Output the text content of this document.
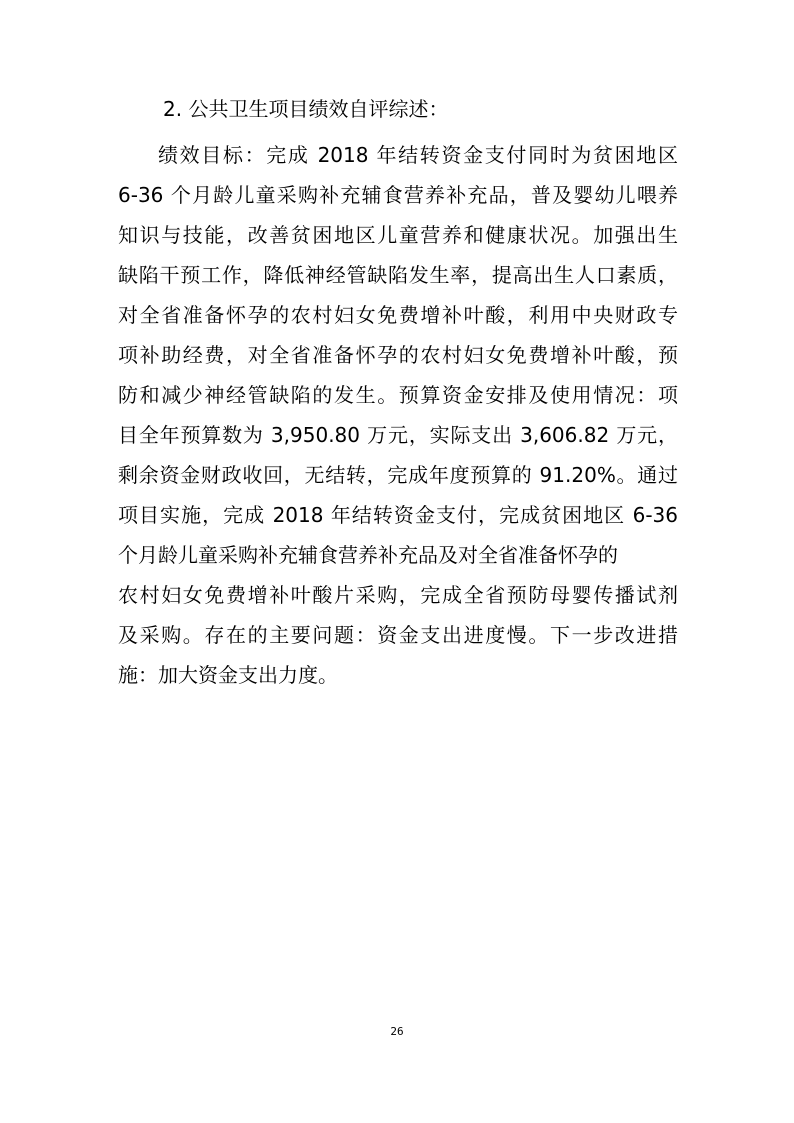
2. 公共卫生项目绩效自评综述：
绩效目标：完成 2018 年结转资金支付同时为贫困地区
6-36 个月龄儿童采购补充辅食营养补充品，普及婴幼儿喂养
知识与技能，改善贫困地区儿童营养和健康状况。加强出生
缺陷干预工作，降低神经管缺陷发生率，提高出生人口素质，
对全省准备怀孕的农村妇女免费增补叶酸，利用中央财政专
项补助经费，对全省准备怀孕的农村妇女免费增补叶酸，预
防和减少神经管缺陷的发生。预算资金安排及使用情况：项
目全年预算数为 3,950.80 万元，实际支出 3,606.82 万元，
剩余资金财政收回，无结转，完成年度预算的 91.20%。通过
项目实施，完成 2018 年结转资金支付，完成贫困地区 6-36
个月龄儿童采购补充辅食营养补充品及对全省准备怀孕的
农村妇女免费增补叶酸片采购，完成全省预防母婴传播试剂
及采购。存在的主要问题：资金支出进度慢。下一步改进措
施：加大资金支出力度。
26
